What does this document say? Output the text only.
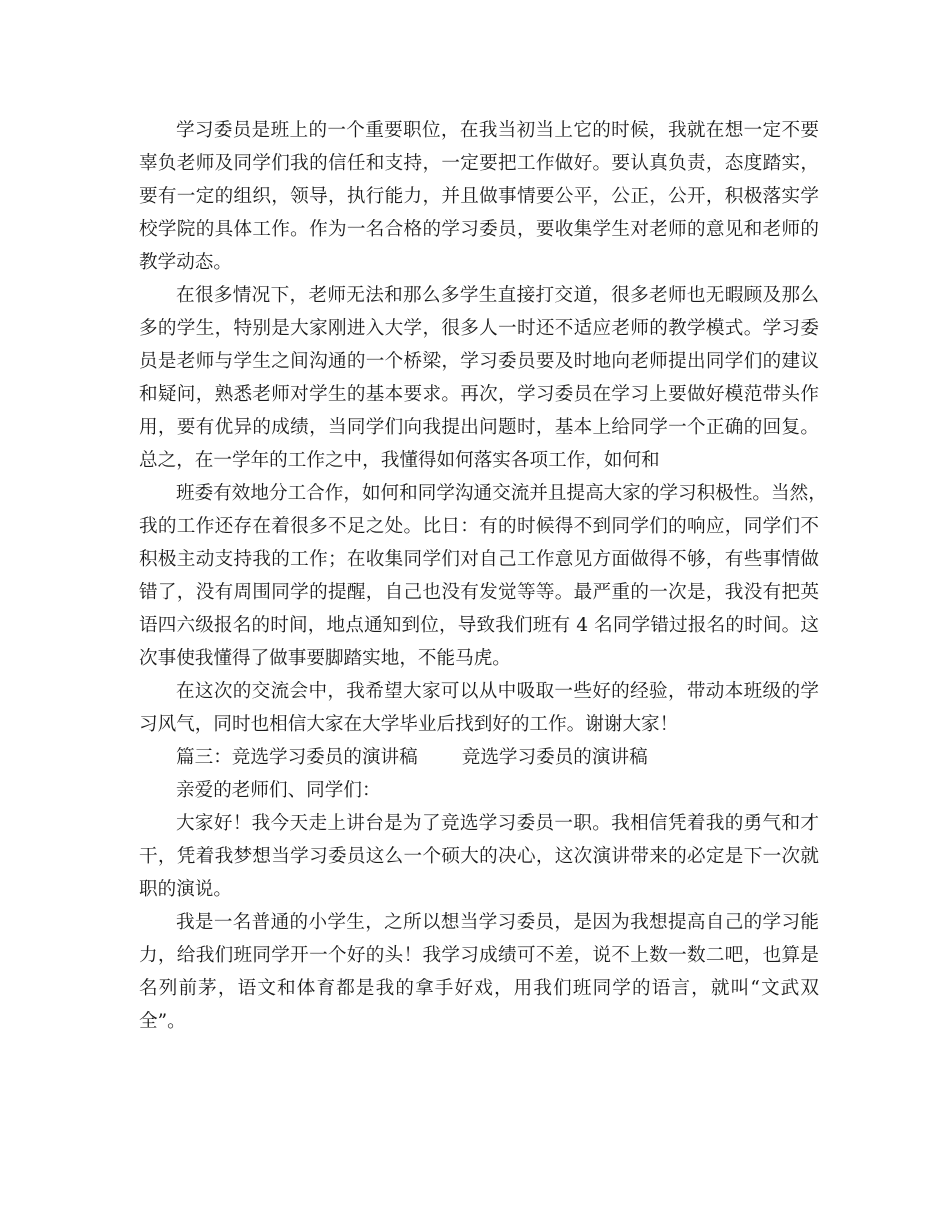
学习委员是班上的一个重要职位，在我当初当上它的时候，我就在想一定不要
辜负老师及同学们我的信任和支持，一定要把工作做好。要认真负责，态度踏实，
要有一定的组织，领导，执行能力，并且做事情要公平，公正，公开，积极落实学
校学院的具体工作。作为一名合格的学习委员，要收集学生对老师的意见和老师的
教学动态。
在很多情况下，老师无法和那么多学生直接打交道，很多老师也无暇顾及那么
多的学生，特别是大家刚进入大学，很多人一时还不适应老师的教学模式。学习委
员是老师与学生之间沟通的一个桥梁，学习委员要及时地向老师提出同学们的建议
和疑问，熟悉老师对学生的基本要求。再次，学习委员在学习上要做好模范带头作
用，要有优异的成绩，当同学们向我提出问题时，基本上给同学一个正确的回复。
总之，在一学年的工作之中，我懂得如何落实各项工作，如何和
班委有效地分工合作，如何和同学沟通交流并且提高大家的学习积极性。当然，
我的工作还存在着很多不足之处。比日：有的时候得不到同学们的响应，同学们不
积极主动支持我的工作；在收集同学们对自己工作意见方面做得不够，有些事情做
错了，没有周围同学的提醒，自己也没有发觉等等。最严重的一次是，我没有把英
语四六级报名的时间，地点通知到位，导致我们班有 4 名同学错过报名的时间。这
次事使我懂得了做事要脚踏实地，不能马虎。
在这次的交流会中，我希望大家可以从中吸取一些好的经验，带动本班级的学
习风气，同时也相信大家在大学毕业后找到好的工作。谢谢大家！
篇三：竞选学习委员的演讲稿 竞选学习委员的演讲稿
亲爱的老师们、同学们：
大家好！我今天走上讲台是为了竞选学习委员一职。我相信凭着我的勇气和才
干，凭着我梦想当学习委员这么一个硕大的决心，这次演讲带来的必定是下一次就
职的演说。
我是一名普通的小学生，之所以想当学习委员，是因为我想提高自己的学习能
力，给我们班同学开一个好的头！我学习成绩可不差，说不上数一数二吧，也算是
名列前茅，语文和体育都是我的拿手好戏，用我们班同学的语言，就叫“文武双
全”。
